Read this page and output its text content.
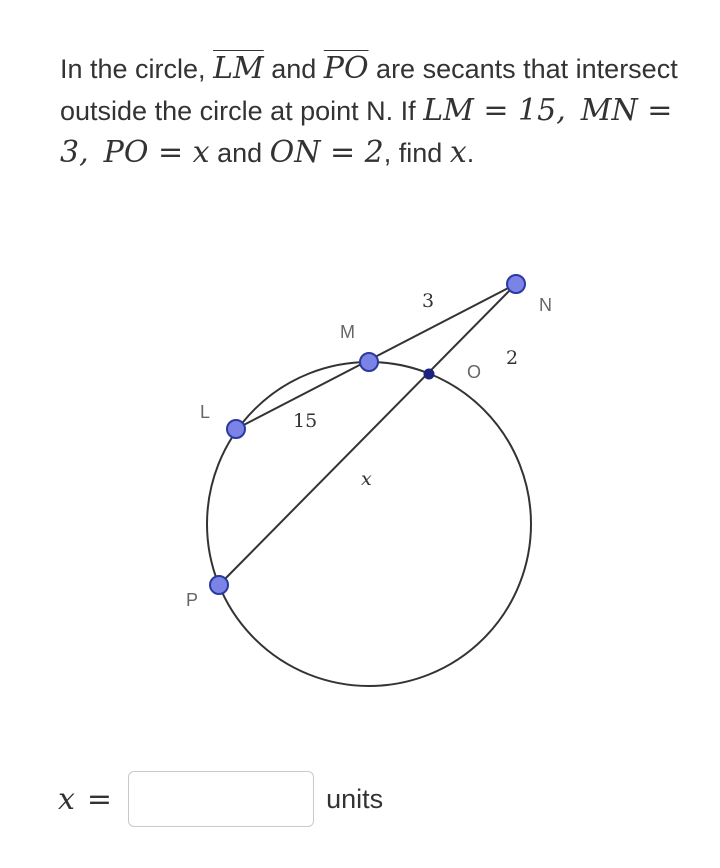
In the circle, $\overline{LM}$ and $\overline{PO}$ are secants that intersect outside the circle at point N. If LM = 15, MN = 3, PO = x and ON = 2, find x.
L
M
N
O
P
15
3
2
x
x =	units
